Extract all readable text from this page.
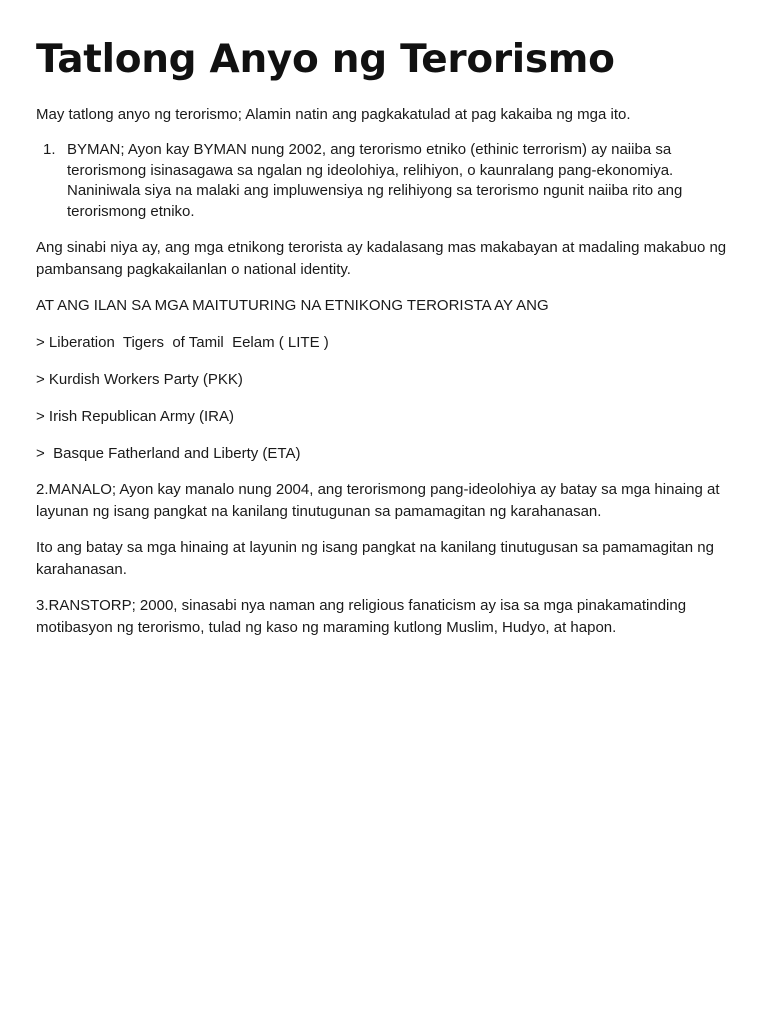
Tatlong Anyo ng Terorismo

May tatlong anyo ng terorismo; Alamin natin ang pagkakatulad at pag kakaiba ng mga ito.

1. BYMAN; Ayon kay BYMAN nung 2002, ang terorismo etniko (ethinic terrorism) ay naiiba sa terorismong isinasagawa sa ngalan ng ideolohiya, relihiyon, o kaunralang pang-ekonomiya. Naniniwala siya na malaki ang impluwensiya ng relihiyong sa terorismo ngunit naiiba rito ang terorismong etniko.

Ang sinabi niya ay, ang mga etnikong terorista ay kadalasang mas makabayan at madaling makabuo ng pambansang pagkakailanlan o national identity.

AT ANG ILAN SA MGA MAITUTURING NA ETNIKONG TERORISTA AY ANG

> Liberation  Tigers  of Tamil  Eelam ( LITE )

> Kurdish Workers Party (PKK)

> Irish Republican Army (IRA)

>  Basque Fatherland and Liberty (ETA)

2.MANALO; Ayon kay manalo nung 2004, ang terorismong pang-ideolohiya ay batay sa mga hinaing at layunan ng isang pangkat na kanilang tinutugunan sa pamamagitan ng karahanasan.

Ito ang batay sa mga hinaing at layunin ng isang pangkat na kanilang tinutugusan sa pamamagitan ng karahanasan.

3.RANSTORP; 2000, sinasabi nya naman ang religious fanaticism ay isa sa mga pinakamatinding motibasyon ng terorismo, tulad ng kaso ng maraming kutlong Muslim, Hudyo, at hapon.
